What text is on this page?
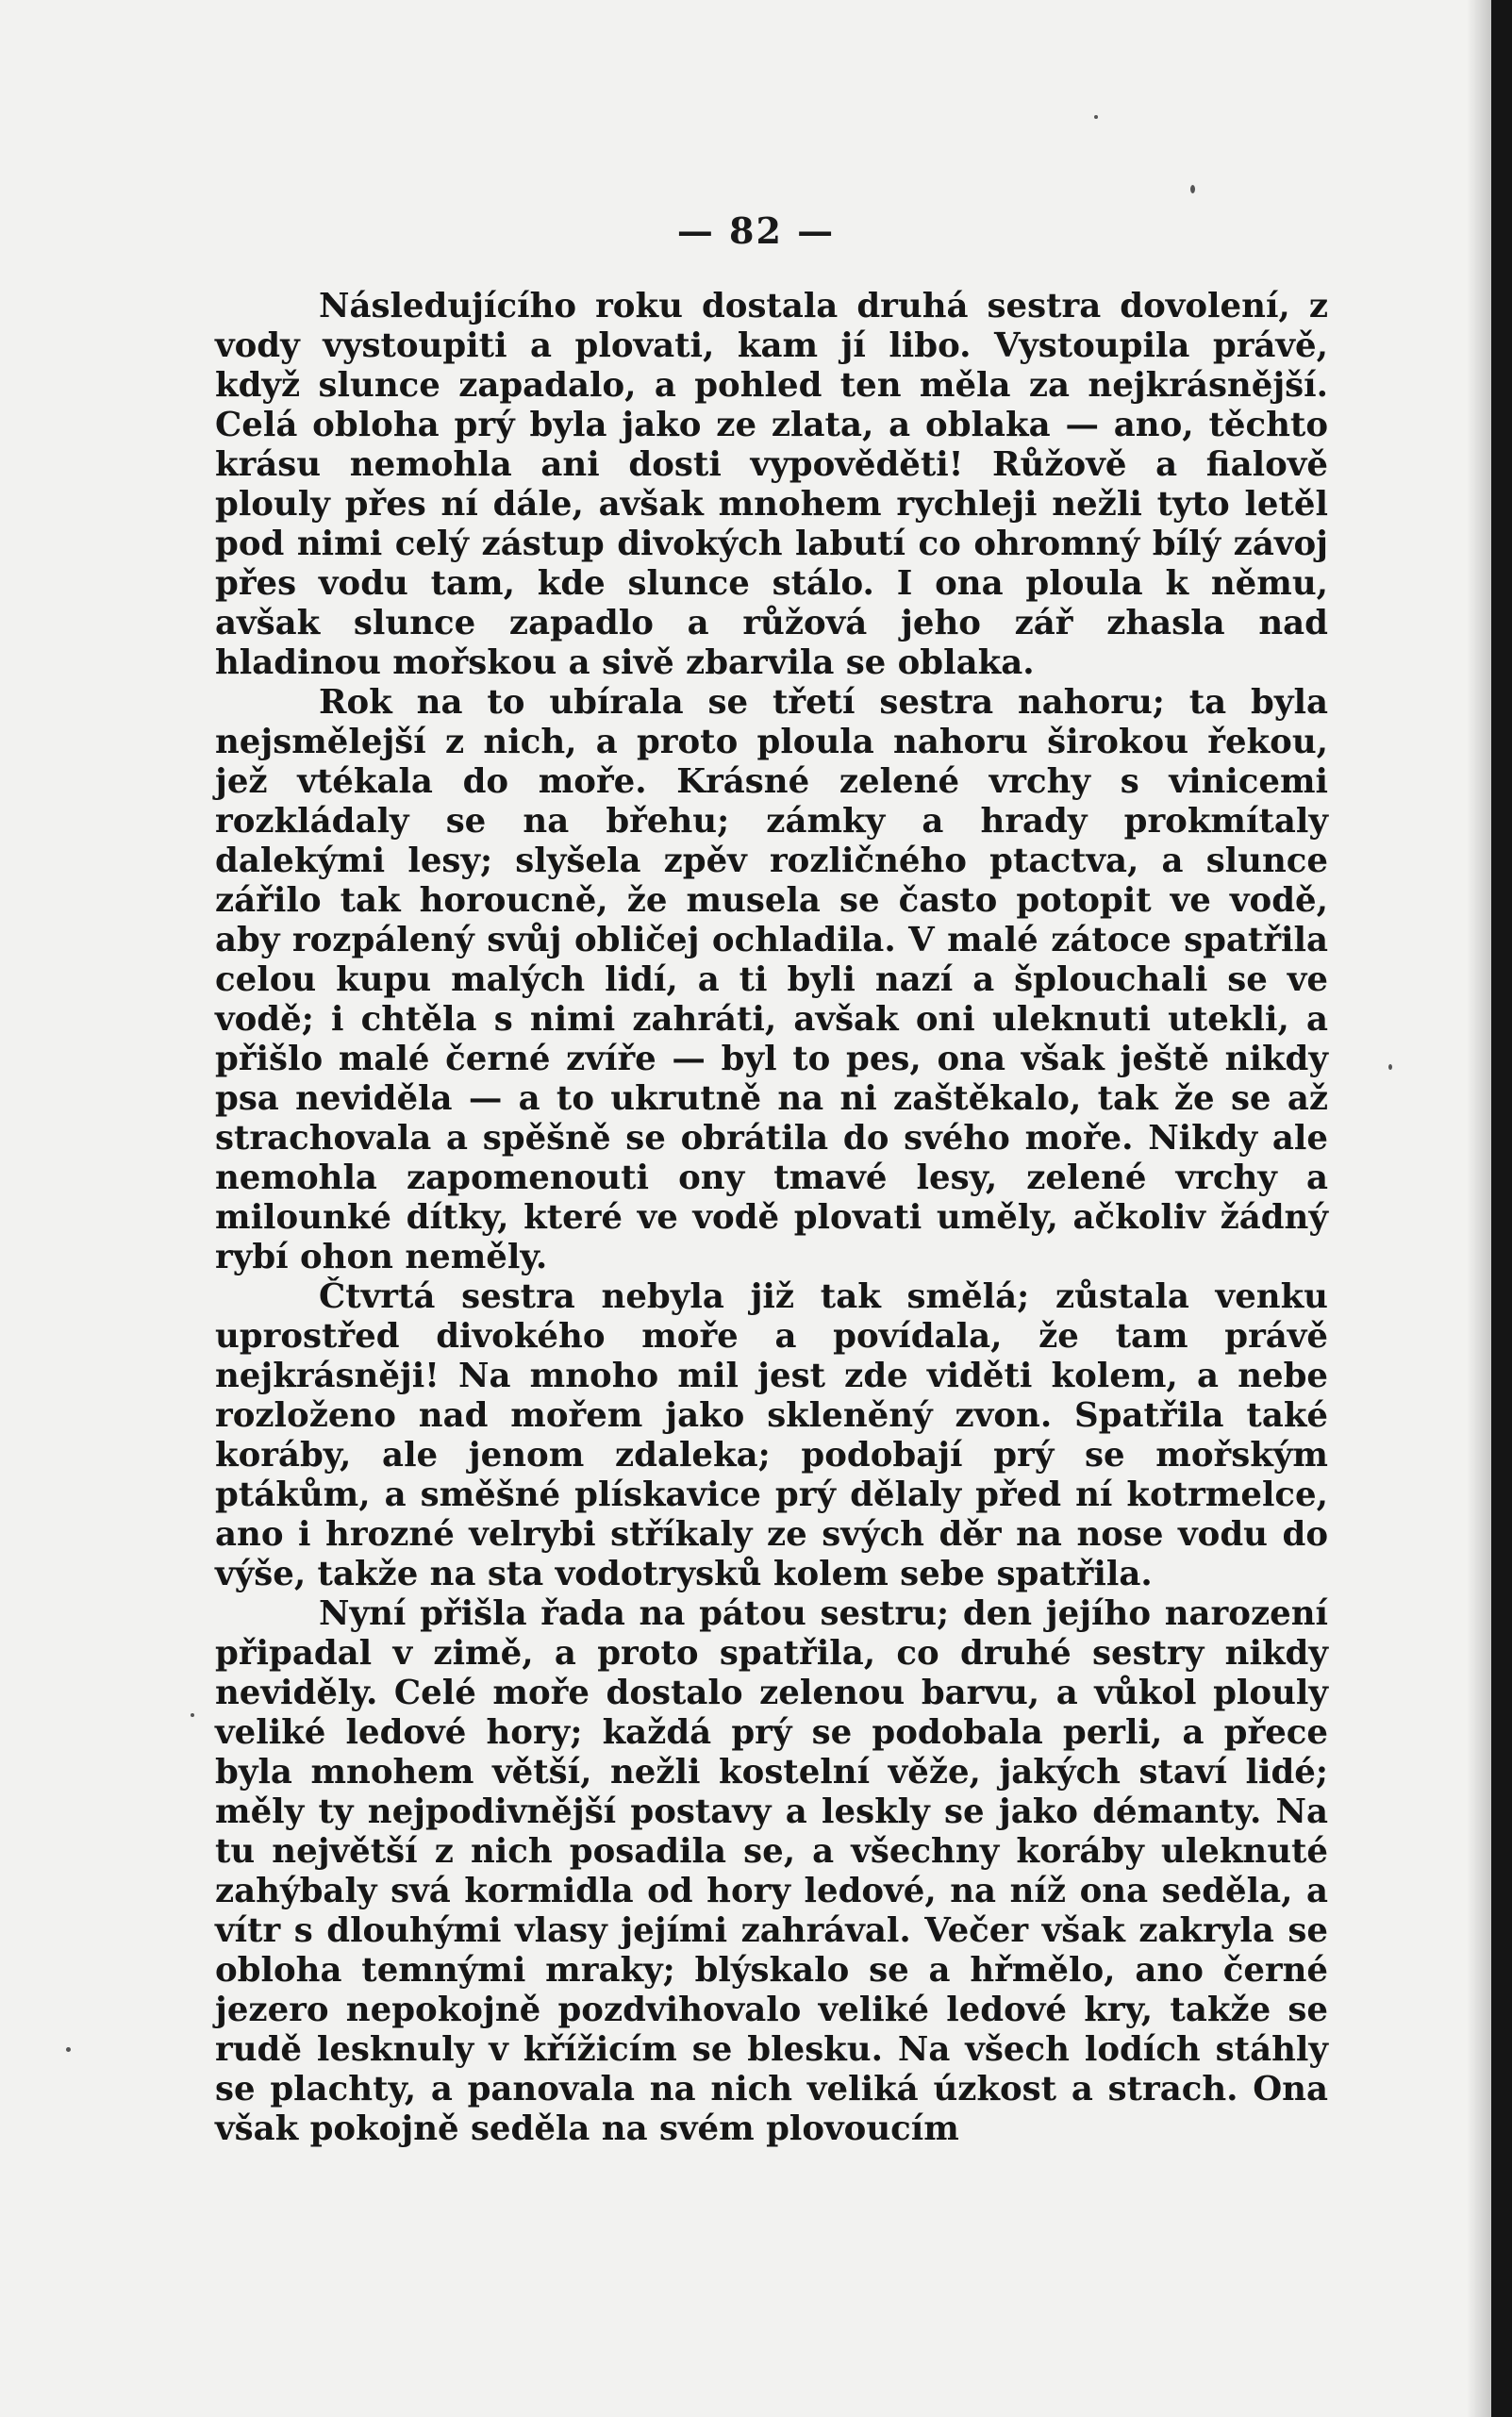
— 82 —

Následujícího roku dostala druhá sestra dovolení, z vody vystoupiti a plovati, kam jí libo. Vystoupila právě, když slunce zapadalo, a pohled ten měla za nejkrásnější. Celá obloha prý byla jako ze zlata, a oblaka — ano, těchto krásu nemohla ani dosti vypověděti! Růžově a fialově plouly přes ní dále, avšak mnohem rychleji nežli tyto letěl pod nimi celý zástup divokých labutí co ohromný bílý závoj přes vodu tam, kde slunce stálo. I ona ploula k němu, avšak slunce zapadlo a růžová jeho zář zhasla nad hladinou mořskou a sivě zbarvila se oblaka.

Rok na to ubírala se třetí sestra nahoru; ta byla nejsmělejší z nich, a proto ploula nahoru širokou řekou, jež vtékala do moře. Krásné zelené vrchy s vinicemi rozkládaly se na břehu; zámky a hrady prokmítaly dalekými lesy; slyšela zpěv rozličného ptactva, a slunce zářilo tak horoucně, že musela se často potopit ve vodě, aby rozpálený svůj obličej ochladila. V malé zátoce spatřila celou kupu malých lidí, a ti byli nazí a šplouchali se ve vodě; i chtěla s nimi zahráti, avšak oni uleknuti utekli, a přišlo malé černé zvíře — byl to pes, ona však ještě nikdy psa neviděla — a to ukrutně na ni zaštěkalo, tak že se až strachovala a spěšně se obrátila do svého moře. Nikdy ale nemohla zapomenouti ony tmavé lesy, zelené vrchy a milounké dítky, které ve vodě plovati uměly, ačkoliv žádný rybí ohon neměly.

Čtvrtá sestra nebyla již tak smělá; zůstala venku uprostřed divokého moře a povídala, že tam právě nejkrásněji! Na mnoho mil jest zde viděti kolem, a nebe rozloženo nad mořem jako skleněný zvon. Spatřila také koráby, ale jenom zdaleka; podobají prý se mořským ptákům, a směšné plískavice prý dělaly před ní kotrmelce, ano i hrozné velrybi stříkaly ze svých děr na nose vodu do výše, takže na sta vodotrysků kolem sebe spatřila.

Nyní přišla řada na pátou sestru; den jejího narození připadal v zimě, a proto spatřila, co druhé sestry nikdy neviděly. Celé moře dostalo zelenou barvu, a vůkol plouly veliké ledové hory; každá prý se podobala perli, a přece byla mnohem větší, nežli kostelní věže, jakých staví lidé; měly ty nejpodivnější postavy a leskly se jako démanty. Na tu největší z nich posadila se, a všechny koráby uleknuté zahýbaly svá kormidla od hory ledové, na níž ona seděla, a vítr s dlouhými vlasy jejími zahrával. Večer však zakryla se obloha temnými mraky; blýskalo se a hřmělo, ano černé jezero nepokojně pozdvihovalo veliké ledové kry, takže se rudě lesknuly v křížicím se blesku. Na všech lodích stáhly se plachty, a panovala na nich veliká úzkost a strach. Ona však pokojně seděla na svém plovoucím
